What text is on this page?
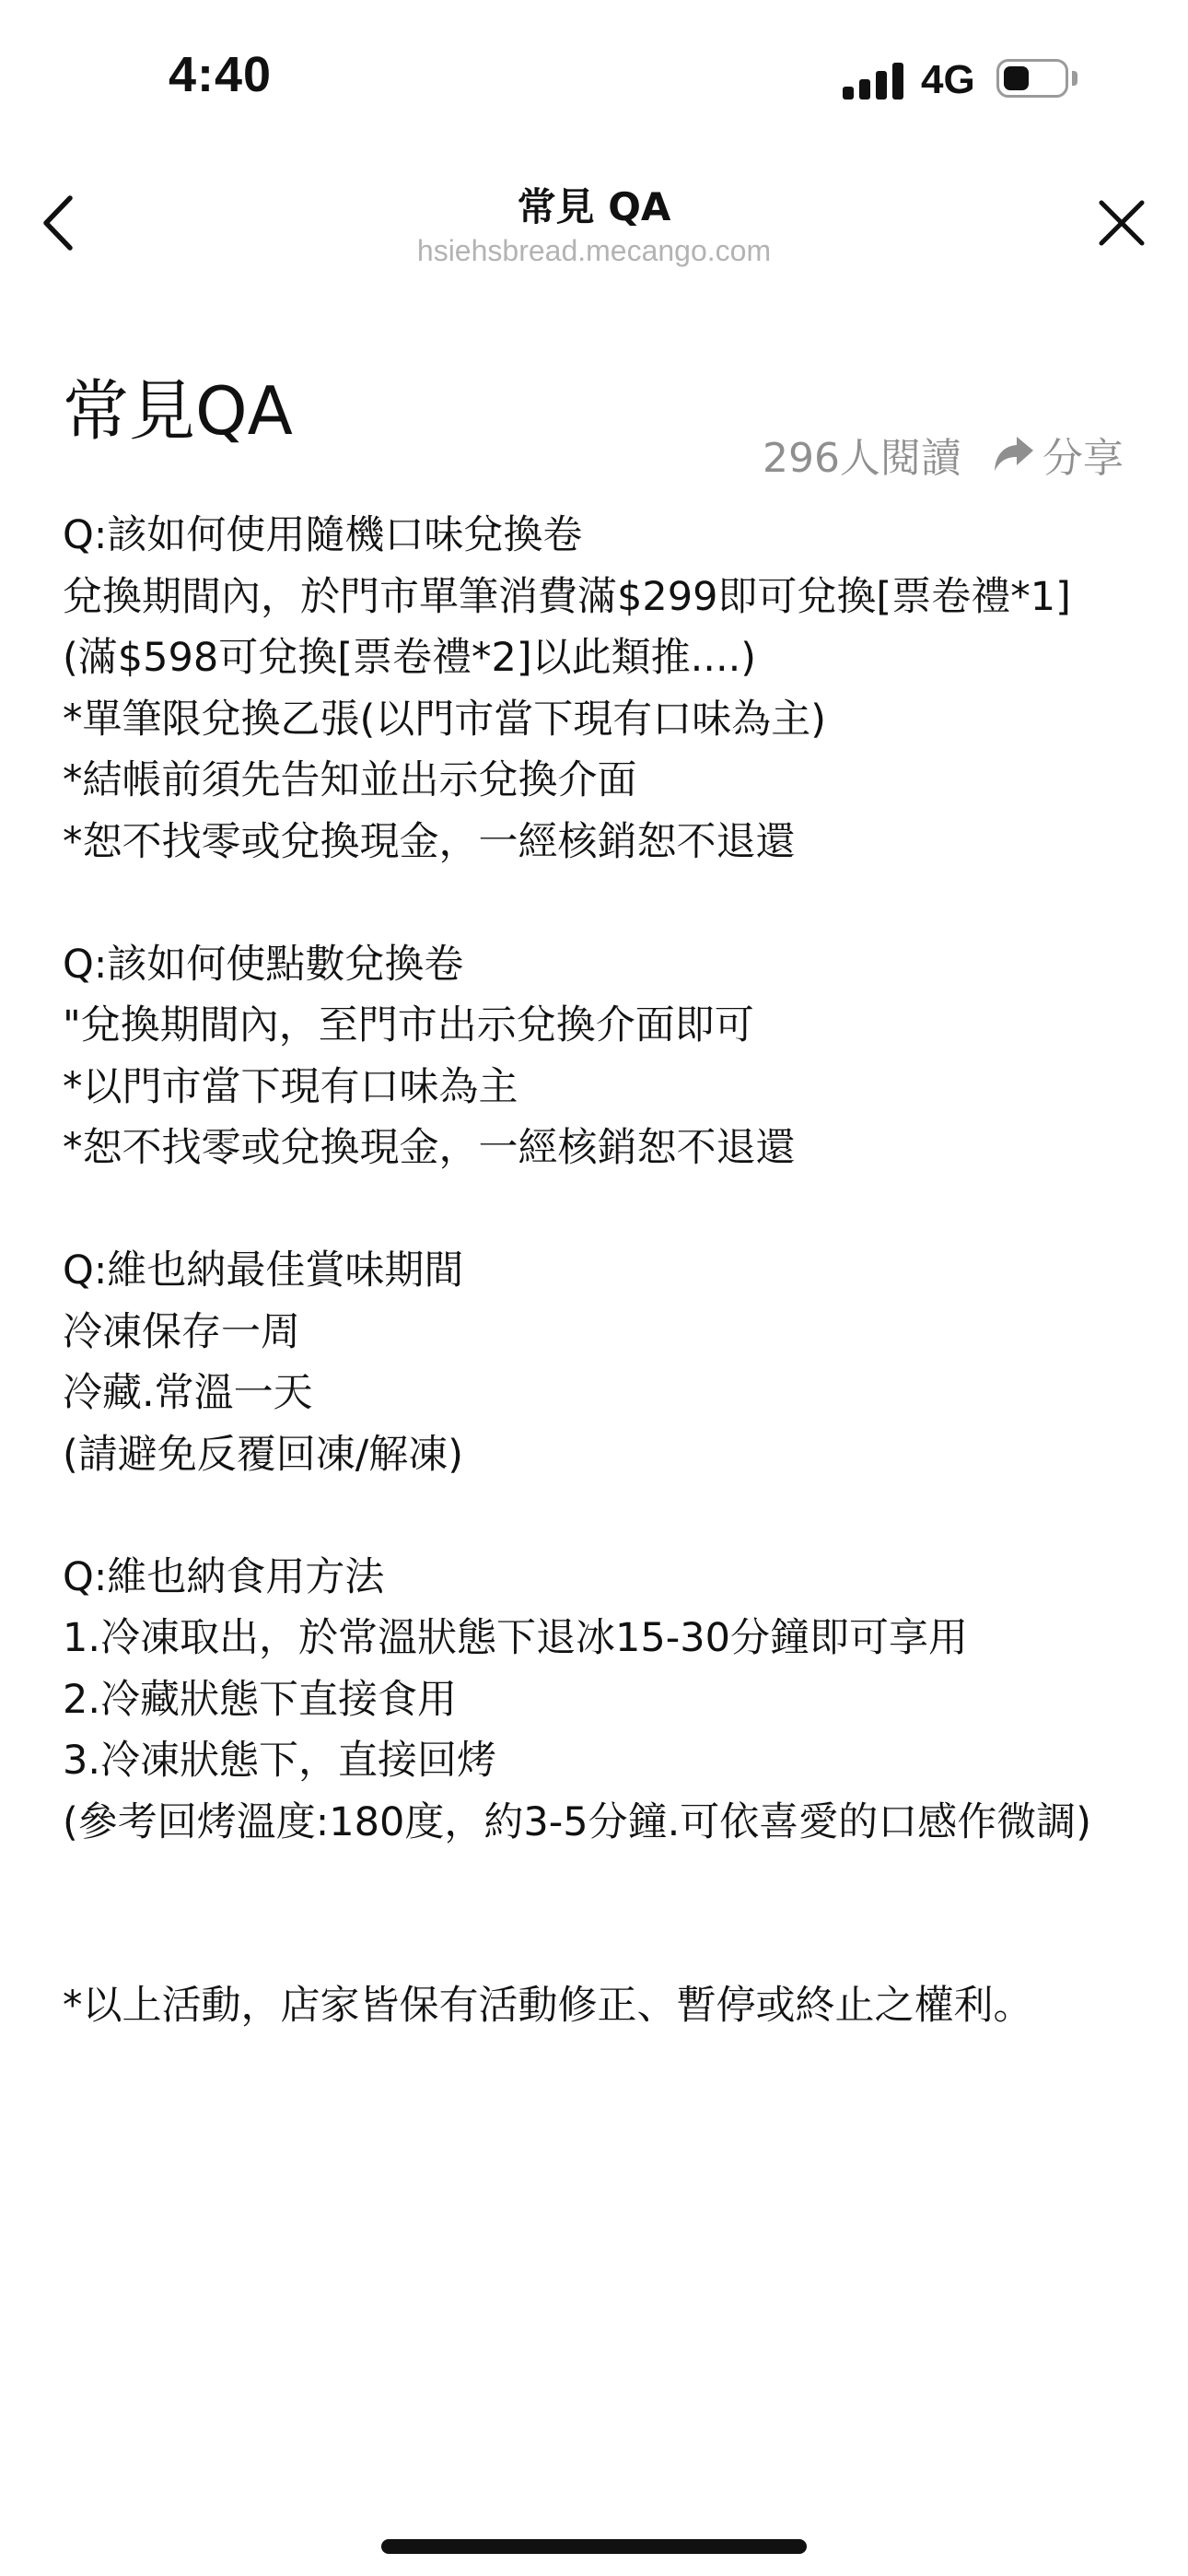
4:40	4G
常見 QA
hsiehsbread.mecango.com
常見QA
296人閱讀 分享

Q:該如何使用隨機口味兌換卷

兌換期間內，於門市單筆消費滿$299即可兌換[票卷禮*1] (滿$598可兌換[票卷禮*2]以此類推....)

*單筆限兌換乙張(以門市當下現有口味為主)

*結帳前須先告知並出示兌換介面

*恕不找零或兌換現金，一經核銷恕不退還

Q:該如何使點數兌換卷

"兌換期間內，至門市出示兌換介面即可

*以門市當下現有口味為主

*恕不找零或兌換現金，一經核銷恕不退還

Q:維也納最佳賞味期間

冷凍保存一周

冷藏.常溫一天

(請避免反覆回凍/解凍)

Q:維也納食用方法

1.冷凍取出，於常溫狀態下退冰15-30分鐘即可享用

2.冷藏狀態下直接食用

3.冷凍狀態下，直接回烤

(參考回烤溫度:180度，約3-5分鐘.可依喜愛的口感作微調)

*以上活動，店家皆保有活動修正、暫停或終止之權利。
